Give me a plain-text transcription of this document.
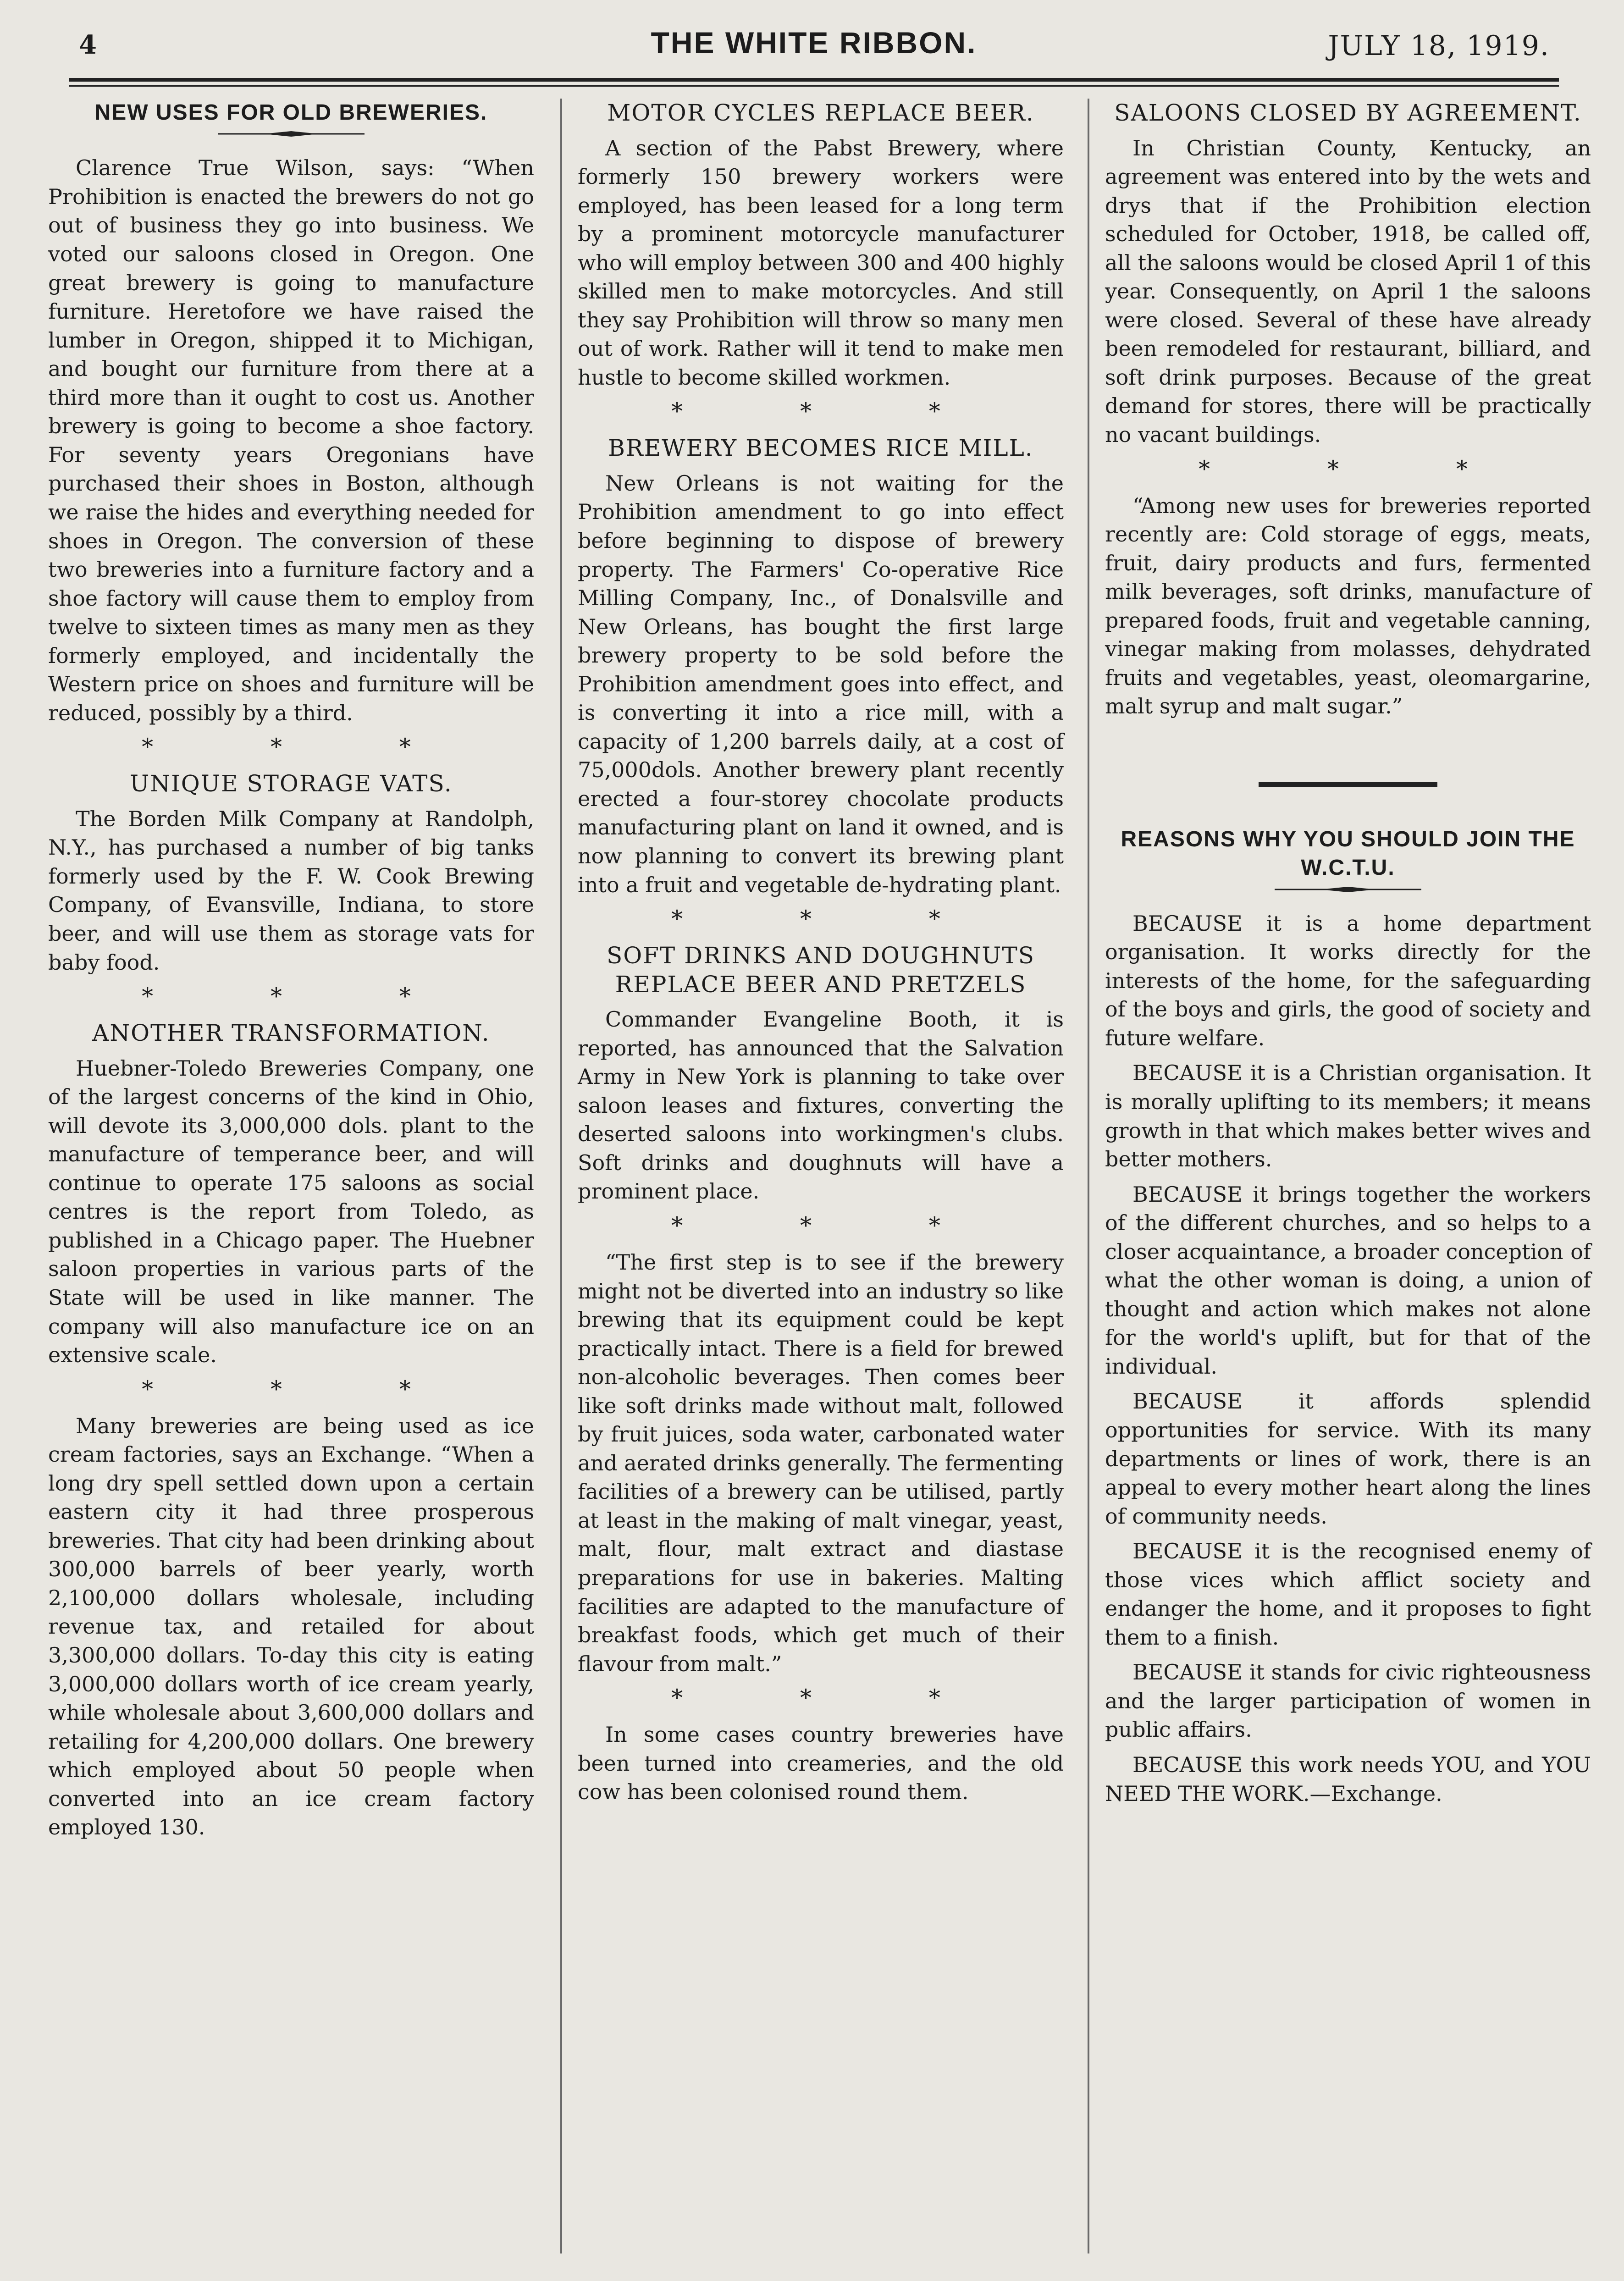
4	THE WHITE RIBBON.	JULY 18, 1919.
NEW USES FOR OLD BREWERIES.

Clarence True Wilson, says: “When Prohibition is enacted the brewers do not go out of business they go into business. We voted our saloons closed in Oregon. One great brewery is going to manufacture furniture. Heretofore we have raised the lumber in Oregon, shipped it to Michigan, and bought our furniture from there at a third more than it ought to cost us. Another brewery is going to become a shoe factory. For seventy years Oregonians have purchased their shoes in Boston, although we raise the hides and everything needed for shoes in Oregon. The conversion of these two breweries into a furniture factory and a shoe factory will cause them to employ from twelve to sixteen times as many men as they formerly employed, and incidentally the Western price on shoes and furniture will be reduced, possibly by a third.

* * *
UNIQUE STORAGE VATS.

The Borden Milk Company at Randolph, N.Y., has purchased a number of big tanks formerly used by the F. W. Cook Brewing Company, of Evansville, Indiana, to store beer, and will use them as storage vats for baby food.

* * *
ANOTHER TRANSFORMATION.

Huebner-Toledo Breweries Company, one of the largest concerns of the kind in Ohio, will devote its 3,000,000 dols. plant to the manufacture of temperance beer, and will continue to operate 175 saloons as social centres is the report from Toledo, as published in a Chicago paper. The Huebner saloon properties in various parts of the State will be used in like manner. The company will also manufacture ice on an extensive scale.

* * *

Many breweries are being used as ice cream factories, says an Exchange. “When a long dry spell settled down upon a certain eastern city it had three prosperous breweries. That city had been drinking about 300,000 barrels of beer yearly, worth 2,100,000 dollars wholesale, including revenue tax, and retailed for about 3,300,000 dollars. To-day this city is eating 3,000,000 dollars worth of ice cream yearly, while wholesale about 3,600,000 dollars and retailing for 4,200,000 dollars. One brewery which employed about 50 people when converted into an ice cream factory employed 130.

MOTOR CYCLES REPLACE BEER.

A section of the Pabst Brewery, where formerly 150 brewery workers were employed, has been leased for a long term by a prominent motorcycle manufacturer who will employ between 300 and 400 highly skilled men to make motorcycles. And still they say Prohibition will throw so many men out of work. Rather will it tend to make men hustle to become skilled workmen.

* * *
BREWERY BECOMES RICE MILL.

New Orleans is not waiting for the Prohibition amendment to go into effect before beginning to dispose of brewery property. The Farmers' Co-operative Rice Milling Company, Inc., of Donalsville and New Orleans, has bought the first large brewery property to be sold before the Prohibition amendment goes into effect, and is converting it into a rice mill, with a capacity of 1,200 barrels daily, at a cost of 75,000dols. Another brewery plant recently erected a four-storey chocolate products manufacturing plant on land it owned, and is now planning to convert its brewing plant into a fruit and vegetable de-hydrating plant.

* * *
SOFT DRINKS AND DOUGHNUTS REPLACE BEER AND PRETZELS

Commander Evangeline Booth, it is reported, has announced that the Salvation Army in New York is planning to take over saloon leases and fixtures, converting the deserted saloons into workingmen's clubs. Soft drinks and doughnuts will have a prominent place.

* * *

“The first step is to see if the brewery might not be diverted into an industry so like brewing that its equipment could be kept practically intact. There is a field for brewed non-alcoholic beverages. Then comes beer like soft drinks made without malt, followed by fruit juices, soda water, carbonated water and aerated drinks generally. The fermenting facilities of a brewery can be utilised, partly at least in the making of malt vinegar, yeast, malt, flour, malt extract and diastase preparations for use in bakeries. Malting facilities are adapted to the manufacture of breakfast foods, which get much of their flavour from malt.”

* * *

In some cases country breweries have been turned into creameries, and the old cow has been colonised round them.

SALOONS CLOSED BY AGREEMENT.

In Christian County, Kentucky, an agreement was entered into by the wets and drys that if the Prohibition election scheduled for October, 1918, be called off, all the saloons would be closed April 1 of this year. Consequently, on April 1 the saloons were closed. Several of these have already been remodeled for restaurant, billiard, and soft drink purposes. Because of the great demand for stores, there will be practically no vacant buildings.

* * *

“Among new uses for breweries reported recently are: Cold storage of eggs, meats, fruit, dairy products and furs, fermented milk beverages, soft drinks, manufacture of prepared foods, fruit and vegetable canning, vinegar making from molasses, dehydrated fruits and vegetables, yeast, oleomargarine, malt syrup and malt sugar.”

REASONS WHY YOU SHOULD JOIN THE W.C.T.U.

BECAUSE it is a home department organisation. It works directly for the interests of the home, for the safeguarding of the boys and girls, the good of society and future welfare.

BECAUSE it is a Christian organisation. It is morally uplifting to its members; it means growth in that which makes better wives and better mothers.

BECAUSE it brings together the workers of the different churches, and so helps to a closer acquaintance, a broader conception of what the other woman is doing, a union of thought and action which makes not alone for the world's uplift, but for that of the individual.

BECAUSE it affords splendid opportunities for service. With its many departments or lines of work, there is an appeal to every mother heart along the lines of community needs.

BECAUSE it is the recognised enemy of those vices which afflict society and endanger the home, and it proposes to fight them to a finish.

BECAUSE it stands for civic righteousness and the larger participation of women in public affairs.

BECAUSE this work needs YOU, and YOU NEED THE WORK.—Exchange.
